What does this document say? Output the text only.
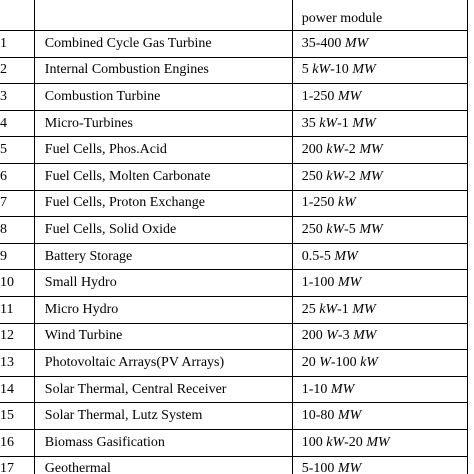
		power module
1	Combined Cycle Gas Turbine	35-400 MW
2	Internal Combustion Engines	5 kW-10 MW
3	Combustion Turbine	1-250 MW
4	Micro-Turbines	35 kW-1 MW
5	Fuel Cells, Phos.Acid	200 kW-2 MW
6	Fuel Cells, Molten Carbonate	250 kW-2 MW
7	Fuel Cells, Proton Exchange	1-250 kW
8	Fuel Cells, Solid Oxide	250 kW-5 MW
9	Battery Storage	0.5-5 MW
10	Small Hydro	1-100 MW
11	Micro Hydro	25 kW-1 MW
12	Wind Turbine	200 W-3 MW
13	Photovoltaic Arrays(PV Arrays)	20 W-100 kW
14	Solar Thermal, Central Receiver	1-10 MW
15	Solar Thermal, Lutz System	10-80 MW
16	Biomass Gasification	100 kW-20 MW
17	Geothermal	5-100 MW
